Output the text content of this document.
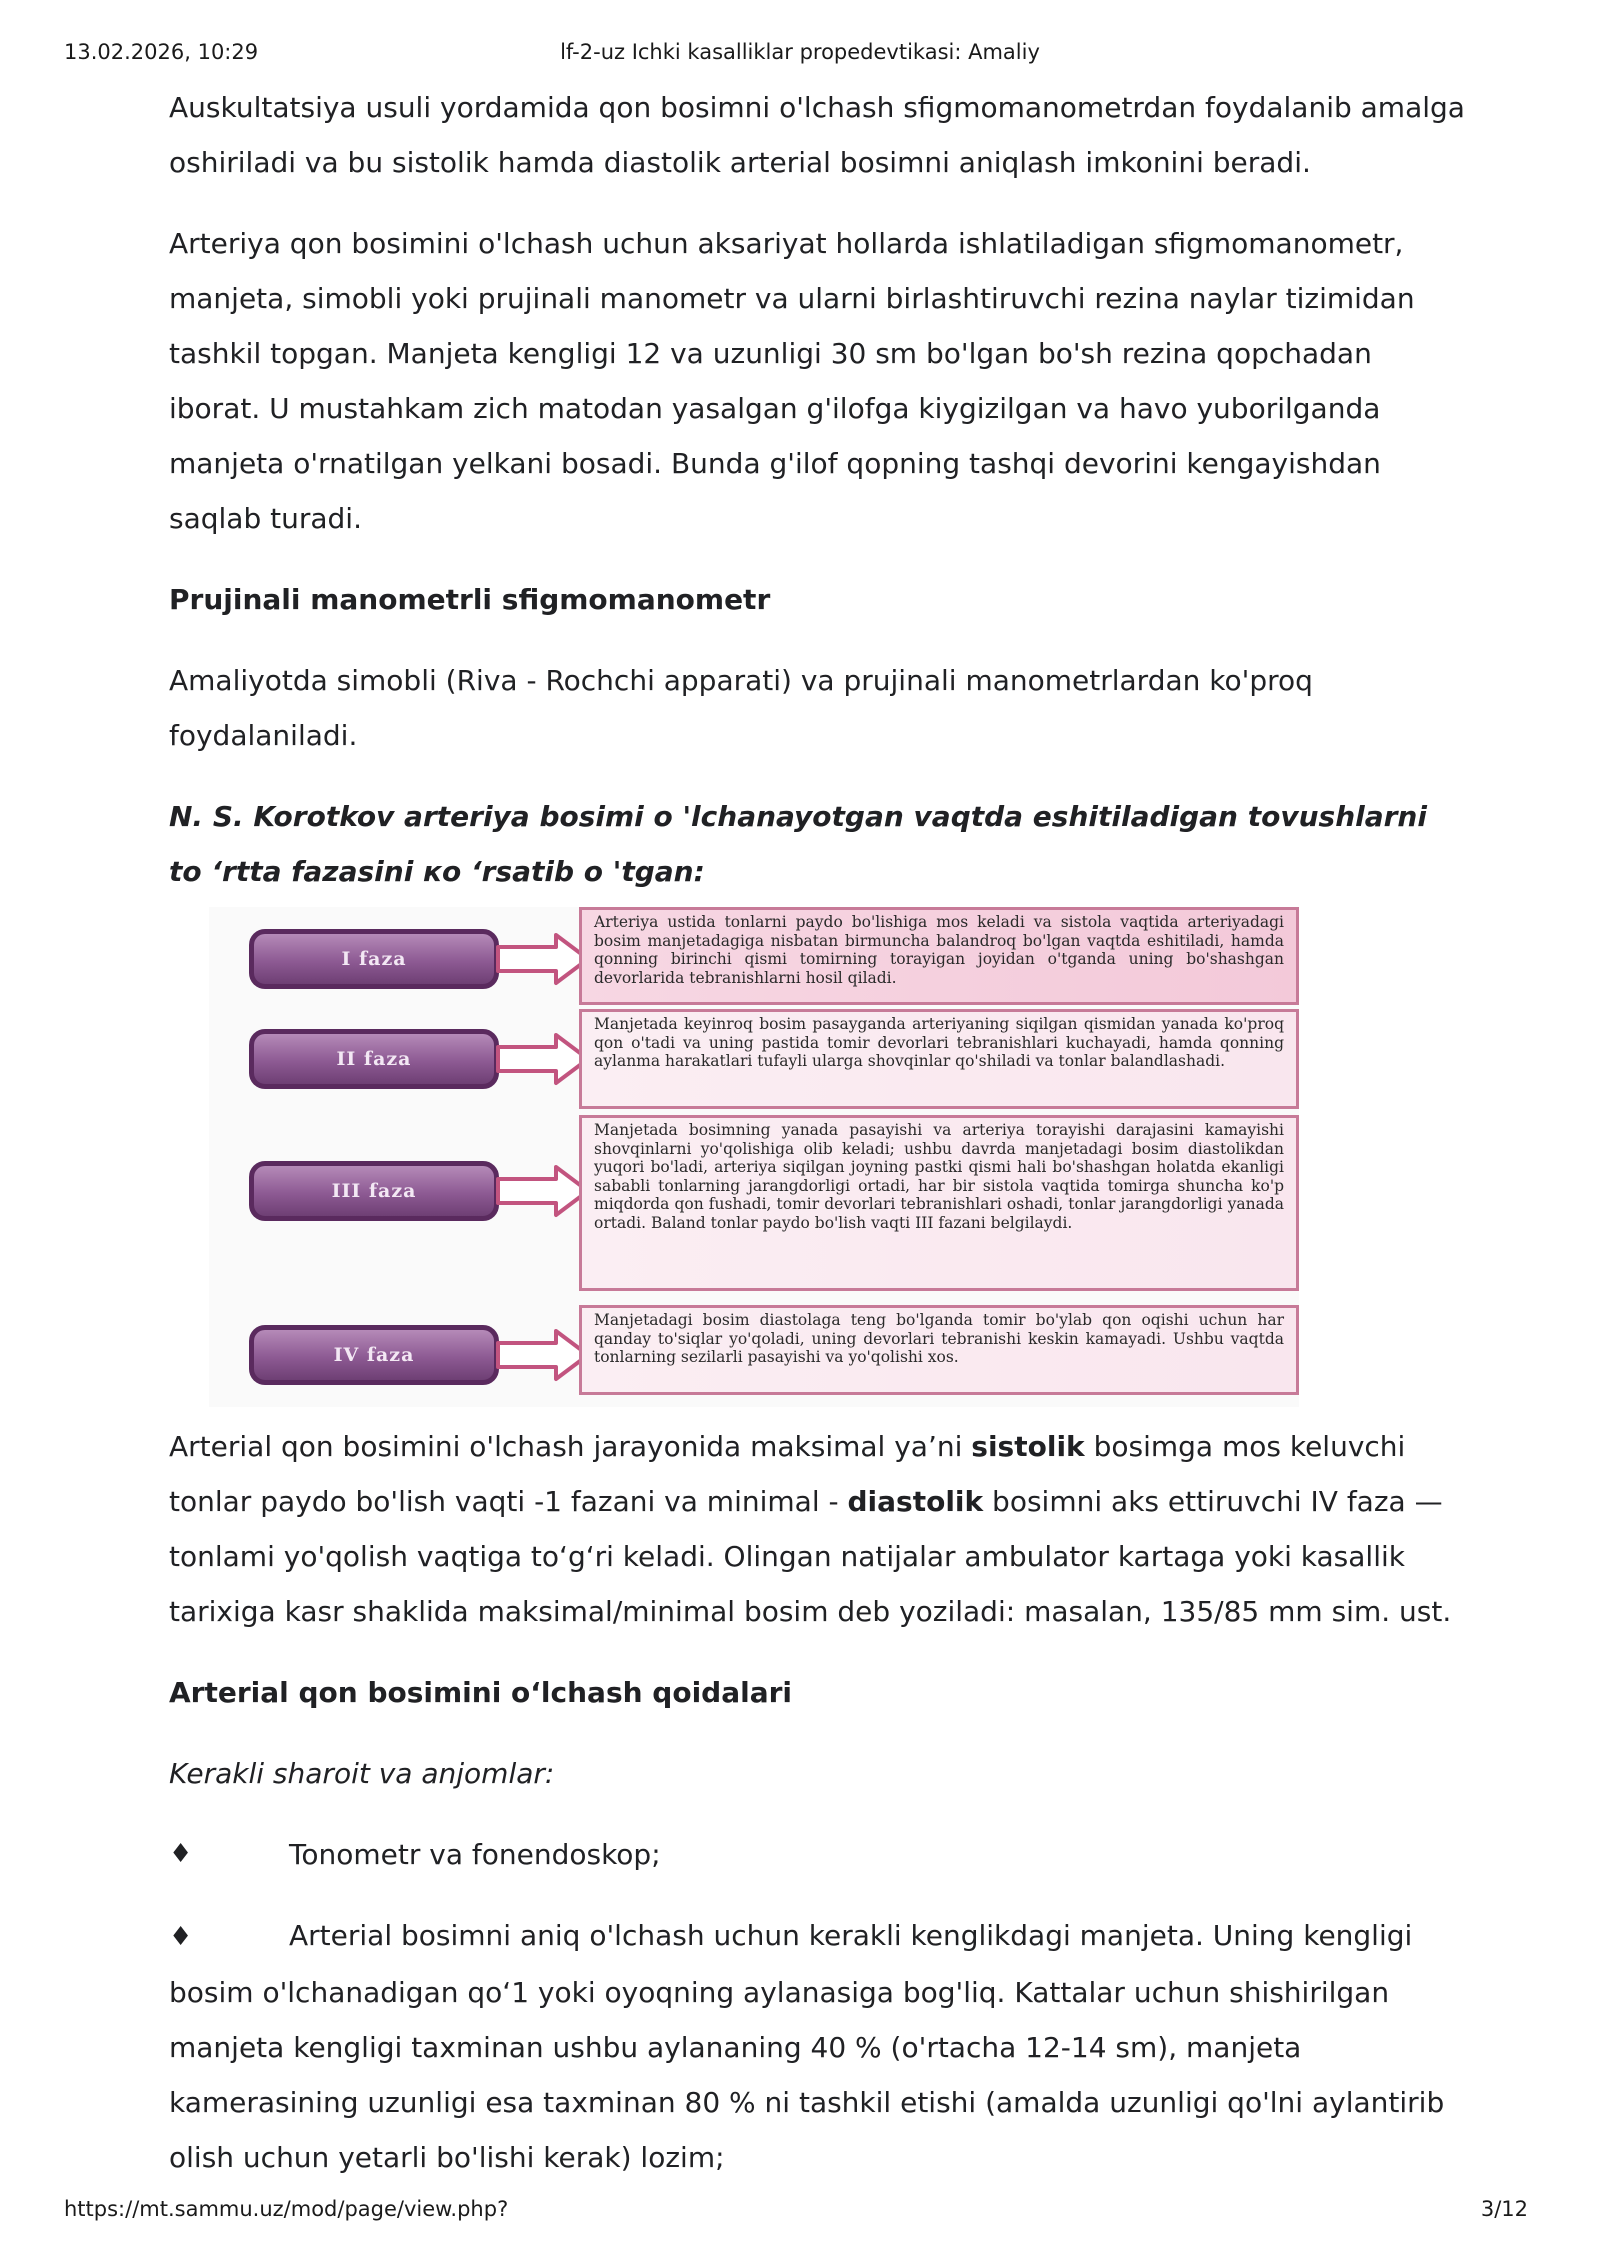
13.02.2026, 10:29	lf-2-uz Ichki kasalliklar propedevtikasi: Amaliy

Auskultatsiya usuli yordamida qon bosimni o'lchash sfigmomanometrdan foydalanib amalga oshiriladi va bu sistolik hamda diastolik arterial bosimni aniqlash imkonini beradi.

Arteriya qon bosimini o'lchash uchun aksariyat hollarda ishlatiladigan sfigmomanometr, manjeta, simobli yoki prujinali manometr va ularni birlashtiruvchi rezina naylar tizimidan tashkil topgan. Manjeta kengligi 12 va uzunligi 30 sm bo'lgan bo'sh rezina qopchadan iborat. U mustahkam zich matodan yasalgan g'ilofga kiygizilgan va havo yuborilganda manjeta o'rnatilgan yelkani bosadi. Bunda g'ilof qopning tashqi devorini kengayishdan saqlab turadi.

Prujinali manometrli sfigmomanometr

Amaliyotda simobli (Riva - Rochchi apparati) va prujinali manometrlardan ko'proq foydalaniladi.

N. S. Korotkov arteriya bosimi o 'lchanayotgan vaqtda eshitiladigan tovushlarni to ‘rtta fazasini кo ‘rsatib o 'tgan:

I faza
Arteriya ustida tonlarni paydo bo'lishiga mos keladi va sistola vaqtida arteriyadagi bosim manjetadagiga nisbatan birmuncha balandroq bo'lgan vaqtda eshitiladi, hamda qonning birinchi qismi tomirning torayigan joyidan o'tganda uning bo'shashgan devorlarida tebranishlarni hosil qiladi.
II faza
Manjetada keyinroq bosim pasayganda arteriyaning siqilgan qismidan yanada ko'proq qon o'tadi va uning pastida tomir devorlari tebranishlari kuchayadi, hamda qonning aylanma harakatlari tufayli ularga shovqinlar qo'shiladi va tonlar balandlashadi.
III faza
Manjetada bosimning yanada pasayishi va arteriya torayishi darajasini kamayishi shovqinlarni yo'qolishiga olib keladi; ushbu davrda manjetadagi bosim diastolikdan yuqori bo'ladi, arteriya siqilgan joyning pastki qismi hali bo'shashgan holatda ekanligi sababli tonlarning jarangdorligi ortadi, har bir sistola vaqtida tomirga shuncha ko'p miqdorda qon fushadi, tomir devorlari tebranishlari oshadi, tonlar jarangdorligi yanada ortadi. Baland tonlar paydo bo'lish vaqti III fazani belgilaydi.
IV faza
Manjetadagi bosim diastolaga teng bo'lganda tomir bo'ylab qon oqishi uchun har qanday to'siqlar yo'qoladi, uning devorlari tebranishi keskin kamayadi. Ushbu vaqtda tonlarning sezilarli pasayishi va yo'qolishi xos.

Arterial qon bosimini o'lchash jarayonida maksimal ya’ni sistolik bosimga mos keluvchi tonlar paydo bo'lish vaqti -1 fazani va minimal - diastolik bosimni aks ettiruvchi IV faza — tonlami yo'qolish vaqtiga to‘g‘ri keladi. Olingan natijalar ambulator kartaga yoki kasallik tarixiga kasr shaklida maksimal/minimal bosim deb yoziladi: masalan, 135/85 mm sim. ust.

Arterial qon bosimini o‘lchash qoidalari

Kerakli sharoit va anjomlar:

♦	Tonometr va fonendoskop;

♦	Arterial bosimni aniq o'lchash uchun kerakli kenglikdagi manjeta. Uning kengligi bosim o'lchanadigan qo‘1 yoki oyoqning aylanasiga bog'liq. Kattalar uchun shishirilgan manjeta kengligi taxminan ushbu aylananing 40 % (o'rtacha 12-14 sm), manjeta kamerasining uzunligi esa taxminan 80 % ni tashkil etishi (amalda uzunligi qo'lni aylantirib olish uchun yetarli bo'lishi kerak) lozim;

https://mt.sammu.uz/mod/page/view.php?	3/12
